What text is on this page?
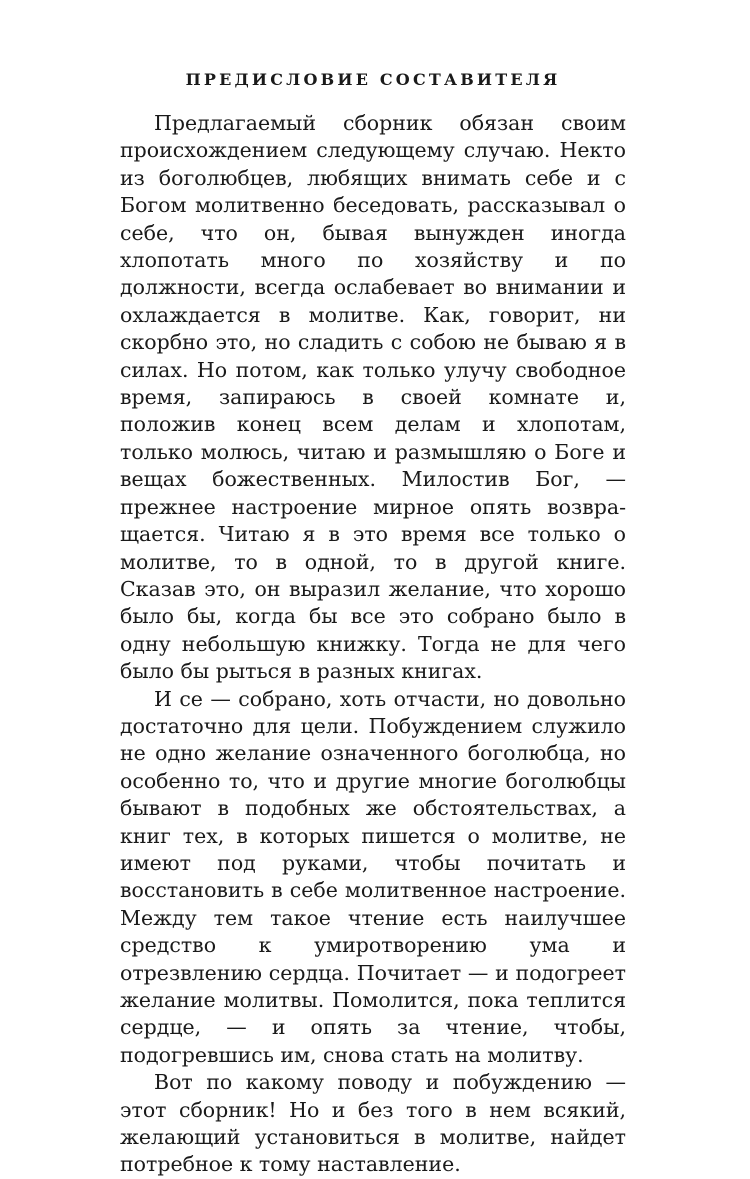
ПРЕДИСЛОВИЕ СОСТАВИТЕЛЯ

Предлагаемый сборник обязан своим происхождением следующему случаю. Некто из боголюбцев, любящих внимать себе и с Богом молитвенно беседовать, рассказывал о себе, что он, бывая вынужден иногда хлопотать много по хозяйству и по должности, всегда ослабевает во внимании и охлаждается в молитве. Как, говорит, ни скорбно это, но сладить с собою не бываю я в силах. Но потом, как только улучу свободное время, запираюсь в своей комнате и, положив конец всем делам и хлопотам, только молюсь, читаю и размышляю о Боге и вещах божественных. Милостив Бог, — прежнее настроение мирное опять возвращается. Читаю я в это время все только о молитве, то в одной, то в другой книге. Сказав это, он выразил желание, что хорошо было бы, когда бы все это собрано было в одну небольшую книжку. Тогда не для чего было бы рыться в разных книгах.

И се — собрано, хоть отчасти, но довольно достаточно для цели. Побуждением служило не одно желание означенного боголюбца, но особенно то, что и другие многие боголюбцы бывают в подобных же обстоятельствах, а книг тех, в которых пишется о молитве, не имеют под руками, чтобы почитать и восстановить в себе молитвенное настроение. Между тем такое чтение есть наилучшее средство к умиротворению ума и отрезвлению сердца. Почитает — и подогреет желание молитвы. Помолится, пока теплится сердце, — и опять за чтение, чтобы, подогревшись им, снова стать на молитву.

Вот по какому поводу и побуждению — этот сборник! Но и без того в нем всякий, желающий установиться в молитве, найдет потребное к тому наставление.
